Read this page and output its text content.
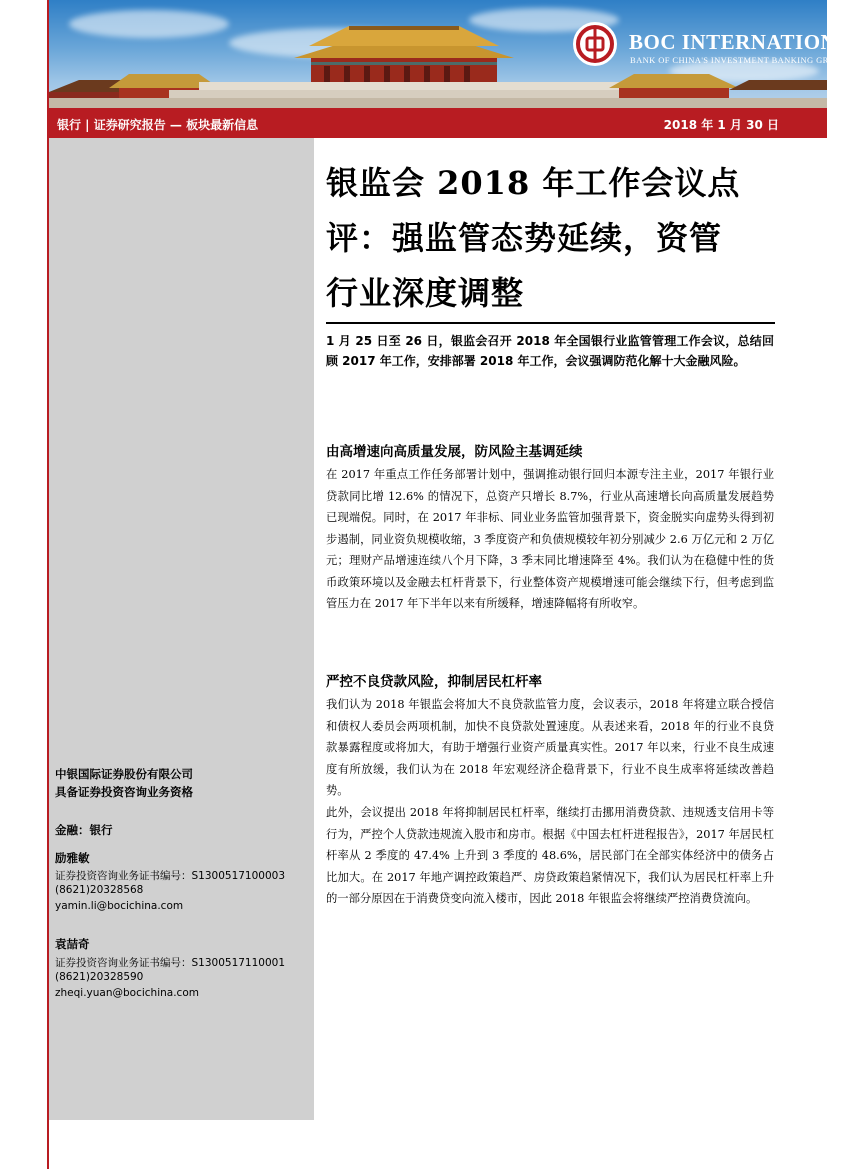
BOC INTERNATIONAL
BANK OF CHINA'S INVESTMENT BANKING GROUP
银行 | 证券研究报告 — 板块最新信息	2018 年 1 月 30 日
中银国际证券股份有限公司
具备证券投资咨询业务资格
金融：银行
励雅敏
证券投资咨询业务证书编号：S1300517100003
(8621)20328568
yamin.li@bocichina.com
袁喆奇
证券投资咨询业务证书编号：S1300517110001
(8621)20328590
zheqi.yuan@bocichina.com
银监会 2018 年工作会议点
评：强监管态势延续，资管
行业深度调整
1 月 25 日至 26 日，银监会召开 2018 年全国银行业监管管理工作会议，总结回顾 2017 年工作，安排部署 2018 年工作，会议强调防范化解十大金融风险。
由高增速向高质量发展，防风险主基调延续
在 2017 年重点工作任务部署计划中，强调推动银行回归本源专注主业，2017 年银行业贷款同比增 12.6% 的情况下，总资产只增长 8.7%，行业从高速增长向高质量发展趋势已现端倪。同时，在 2017 年非标、同业业务监管加强背景下，资金脱实向虚势头得到初步遏制，同业资负规模收缩，3 季度资产和负债规模较年初分别减少 2.6 万亿元和 2 万亿元；理财产品增速连续八个月下降，3 季末同比增速降至 4%。我们认为在稳健中性的货币政策环境以及金融去杠杆背景下，行业整体资产规模增速可能会继续下行，但考虑到监管压力在 2017 年下半年以来有所缓释，增速降幅将有所收窄。
严控不良贷款风险，抑制居民杠杆率
我们认为 2018 年银监会将加大不良贷款监管力度，会议表示，2018 年将建立联合授信和债权人委员会两项机制，加快不良贷款处置速度。从表述来看，2018 年的行业不良贷款暴露程度或将加大，有助于增强行业资产质量真实性。2017 年以来，行业不良生成速度有所放缓，我们认为在 2018 年宏观经济企稳背景下，行业不良生成率将延续改善趋势。
此外，会议提出 2018 年将抑制居民杠杆率，继续打击挪用消费贷款、违规透支信用卡等行为，严控个人贷款违规流入股市和房市。根据《中国去杠杆进程报告》，2017 年居民杠杆率从 2 季度的 47.4% 上升到 3 季度的 48.6%，居民部门在全部实体经济中的债务占比加大。在 2017 年地产调控政策趋严、房贷政策趋紧情况下，我们认为居民杠杆率上升的一部分原因在于消费贷变向流入楼市，因此 2018 年银监会将继续严控消费贷流向。
